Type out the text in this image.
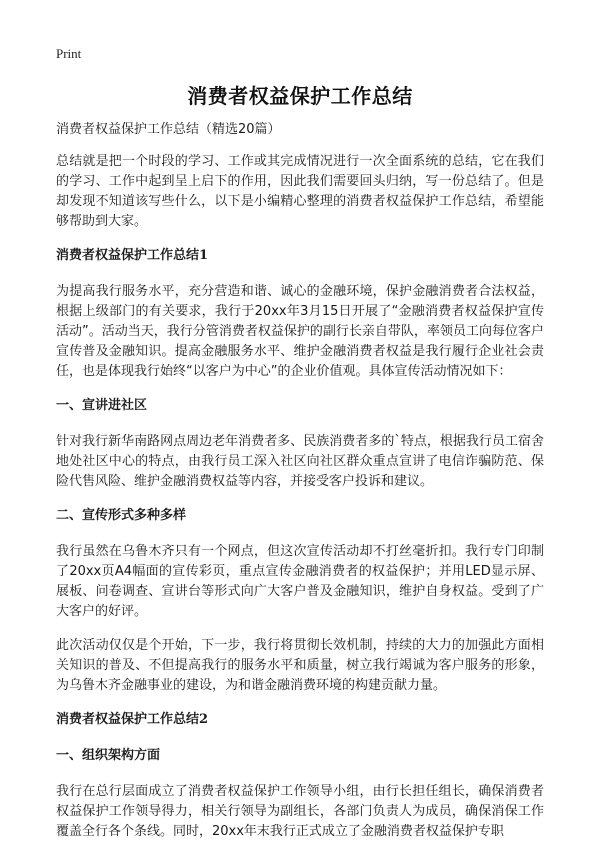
Print
消费者权益保护工作总结
消费者权益保护工作总结（精选20篇）

总结就是把一个时段的学习、工作或其完成情况进行一次全面系统的总结，它在我们的学习、工作中起到呈上启下的作用，因此我们需要回头归纳，写一份总结了。但是却发现不知道该写些什么，以下是小编精心整理的消费者权益保护工作总结，希望能够帮助到大家。

消费者权益保护工作总结1

为提高我行服务水平，充分营造和谐、诚心的金融环境，保护金融消费者合法权益，根据上级部门的有关要求，我行于20xx年3月15日开展了“金融消费者权益保护宣传活动”。活动当天，我行分管消费者权益保护的副行长亲自带队，率领员工向每位客户宣传普及金融知识。提高金融服务水平、维护金融消费者权益是我行履行企业社会责任，也是体现我行始终“以客户为中心”的企业价值观。具体宣传活动情况如下：

一、宣讲进社区

针对我行新华南路网点周边老年消费者多、民族消费者多的`特点，根据我行员工宿舍地处社区中心的特点，由我行员工深入社区向社区群众重点宣讲了电信诈骗防范、保险代售风险、维护金融消费权益等内容，并接受客户投诉和建议。

二、宣传形式多种多样

我行虽然在乌鲁木齐只有一个网点，但这次宣传活动却不打丝毫折扣。我行专门印制了20xx页A4幅面的宣传彩页，重点宣传金融消费者的权益保护；并用LED显示屏、展板、问卷调查、宣讲台等形式向广大客户普及金融知识，维护自身权益。受到了广大客户的好评。

此次活动仅仅是个开始，下一步，我行将贯彻长效机制，持续的大力的加强此方面相关知识的普及、不但提高我行的服务水平和质量，树立我行竭诚为客户服务的形象，为乌鲁木齐金融事业的建设，为和谐金融消费环境的构建贡献力量。

消费者权益保护工作总结2
一、组织架构方面

我行在总行层面成立了消费者权益保护工作领导小组，由行长担任组长，确保消费者权益保护工作领导得力，相关行领导为副组长，各部门负责人为成员，确保消保工作覆盖全行各个条线。同时，20xx年末我行正式成立了金融消费者权益保护专职
